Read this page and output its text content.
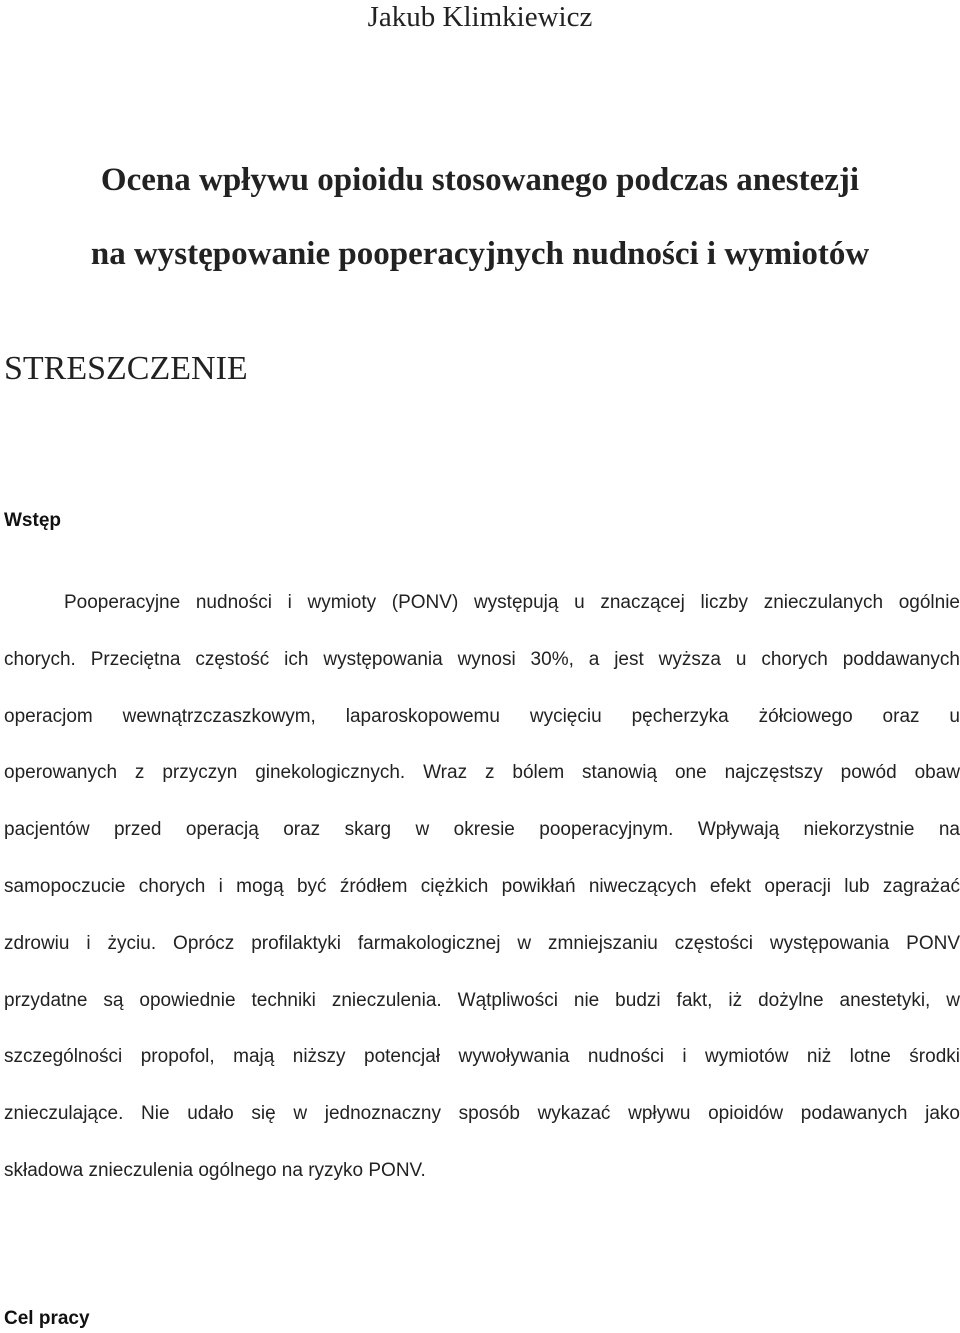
Jakub Klimkiewicz
Ocena wpływu opioidu stosowanego podczas anestezji
na występowanie pooperacyjnych nudności i wymiotów
STRESZCZENIE
Wstęp
Pooperacyjne nudności i wymioty (PONV) występują u znaczącej liczby znieczulanych ogólnie
chorych. Przeciętna częstość ich występowania wynosi 30%, a jest wyższa u chorych poddawanych
operacjom wewnątrzczaszkowym, laparoskopowemu wycięciu pęcherzyka żółciowego oraz u
operowanych z przyczyn ginekologicznych. Wraz z bólem stanowią one najczęstszy powód obaw
pacjentów przed operacją oraz skarg w okresie pooperacyjnym. Wpływają niekorzystnie na
samopoczucie chorych i mogą być źródłem ciężkich powikłań niweczących efekt operacji lub zagrażać
zdrowiu i życiu. Oprócz profilaktyki farmakologicznej w zmniejszaniu częstości występowania PONV
przydatne są opowiednie techniki znieczulenia. Wątpliwości nie budzi fakt, iż dożylne anestetyki, w
szczególności propofol, mają niższy potencjał wywoływania nudności i wymiotów niż lotne środki
znieczulające. Nie udało się w jednoznaczny sposób wykazać wpływu opioidów podawanych jako
składowa znieczulenia ogólnego na ryzyko PONV.
Cel pracy
